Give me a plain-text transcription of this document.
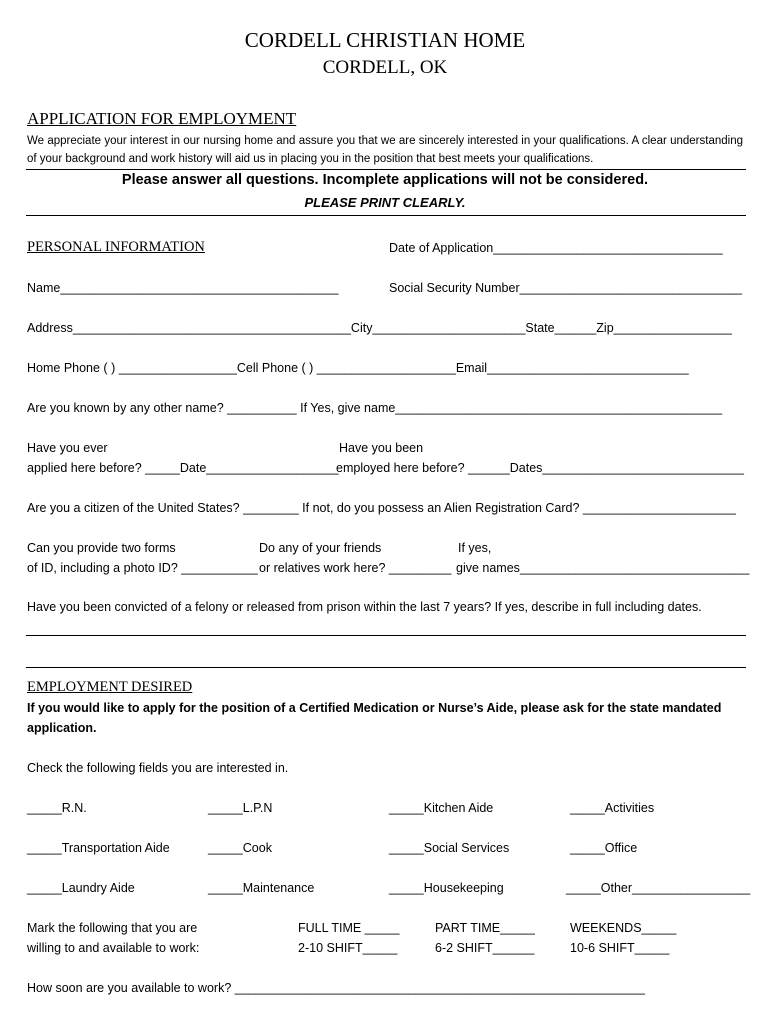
CORDELL CHRISTIAN HOME
CORDELL, OK
APPLICATION FOR EMPLOYMENT
We appreciate your interest in our nursing home and assure you that we are sincerely interested in your qualifications. A clear understanding of your background and work history will aid us in placing you in the position that best meets your qualifications.
Please answer all questions. Incomplete applications will not be considered.
PLEASE PRINT CLEARLY.
PERSONAL INFORMATION	Date of Application_________________________________
Name________________________________________	Social Security Number________________________________
Address________________________________________City______________________State______Zip_________________
Home Phone ( ) _________________Cell Phone ( ) ____________________Email_____________________________
Are you known by any other name? __________ If Yes, give name_______________________________________________
Have you ever
applied here before? _____Date___________________
Have you been
employed here before? ______Dates_____________________________
Are you a citizen of the United States? ________ If not, do you possess an Alien Registration Card? ______________________
Can you provide two forms
of ID, including a photo ID? ___________
Do any of your friends
or relatives work here? _________
If yes,
give names_________________________________
Have you been convicted of a felony or released from prison within the last 7 years? If yes, describe in full including dates.
EMPLOYMENT DESIRED
If you would like to apply for the position of a Certified Medication or Nurse’s Aide, please ask for the state mandated
application.
Check the following fields you are interested in.
_____R.N.	_____L.P.N	_____Kitchen Aide	_____Activities
_____Transportation Aide	_____Cook	_____Social Services	_____Office
_____Laundry Aide	_____Maintenance	_____Housekeeping	_____Other_________________
Mark the following that you are
willing to and available to work:
FULL TIME _____	PART TIME_____	WEEKENDS_____
2-10 SHIFT_____	6-2 SHIFT______	10-6 SHIFT_____
How soon are you available to work? ___________________________________________________________
